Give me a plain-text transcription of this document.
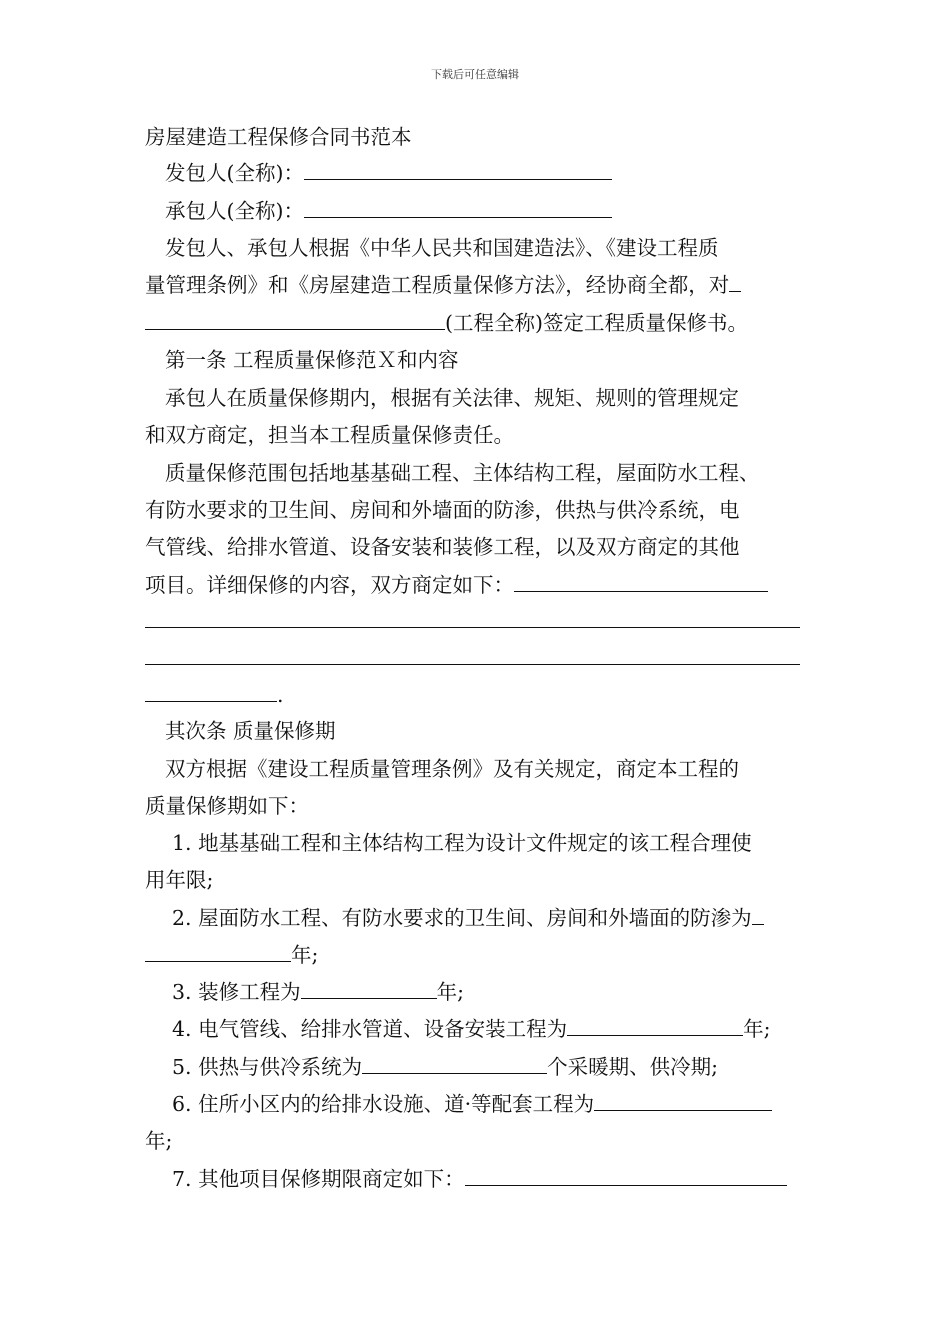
下载后可任意编辑
房屋建造工程保修合同书范本
发包人(全称)：
承包人(全称)：
发包人、承包人根据《中华人民共和国建造法》、《建设工程质
量管理条例》和《房屋建造工程质量保修方法》，经协商全都，对
(工程全称)签定工程质量保修书。
第一条 工程质量保修范Ｘ和内容
承包人在质量保修期内，根据有关法律、规矩、规则的管理规定
和双方商定，担当本工程质量保修责任。
质量保修范围包括地基基础工程、主体结构工程，屋面防水工程、
有防水要求的卫生间、房间和外墙面的防渗，供热与供冷系统，电
气管线、给排水管道、设备安装和装修工程，以及双方商定的其他
项目。详细保修的内容，双方商定如下：
.
其次条 质量保修期
双方根据《建设工程质量管理条例》及有关规定，商定本工程的
质量保修期如下：
1. 地基基础工程和主体结构工程为设计文件规定的该工程合理使
用年限;
2. 屋面防水工程、有防水要求的卫生间、房间和外墙面的防渗为
年;
3. 装修工程为	年;
4. 电气管线、给排水管道、设备安装工程为	年;
5. 供热与供冷系统为	个采暖期、供冷期;
6. 住所小区内的给排水设施、道·等配套工程为
年;
7. 其他项目保修期限商定如下：
